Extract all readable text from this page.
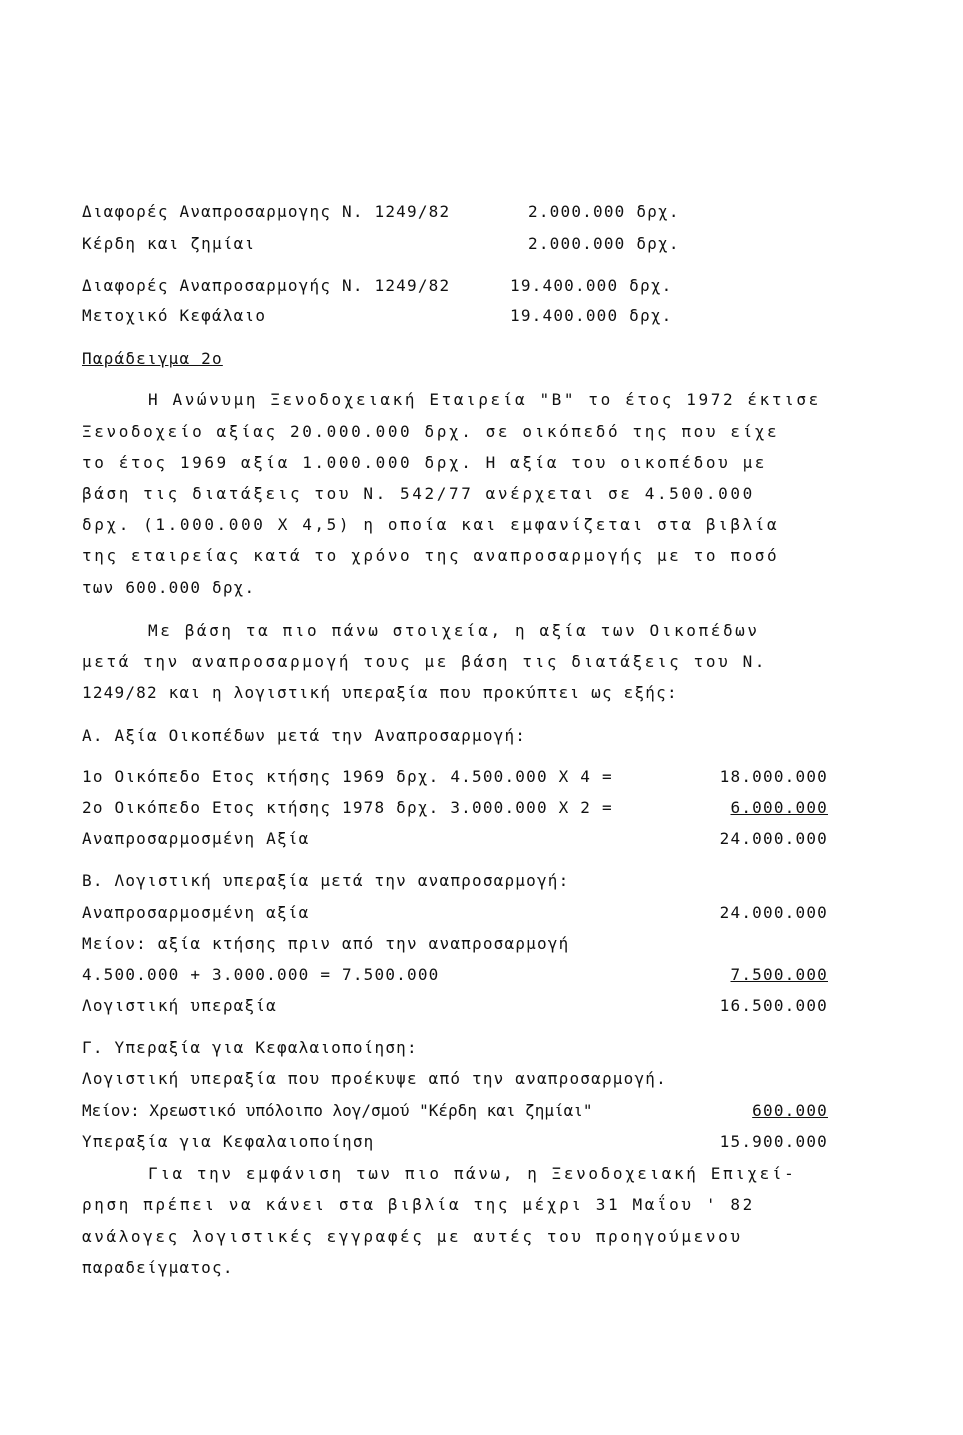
Διαφορές Αναπροσαρμογης Ν. 1249/82	2.000.000 δρχ.
Κέρδη και ζημίαι	2.000.000 δρχ.
Διαφορές Αναπροσαρμογής Ν. 1249/82	19.400.000 δρχ.
Μετοχικό Κεφάλαιο	19.400.000 δρχ.
Παράδειγμα 2ο
Η Ανώνυμη Ξενοδοχειακή Εταιρεία "Β" το έτος 1972 έκτισε
Ξενοδοχείο αξίας 20.000.000 δρχ. σε οικόπεδό της που είχε
το έτος 1969 αξία 1.000.000 δρχ. Η αξία του οικοπέδου με
βάση τις διατάξεις του Ν. 542/77 ανέρχεται σε 4.500.000
δρχ. (1.000.000 Χ 4,5) η οποία και εμφανίζεται στα βιβλία
της εταιρείας κατά το χρόνο της αναπροσαρμογής με το ποσό
των 600.000 δρχ.
Με βάση τα πιο πάνω στοιχεία, η αξία των Οικοπέδων
μετά την αναπροσαρμογή τους με βάση τις διατάξεις του Ν.
1249/82 και η λογιστική υπεραξία που προκύπτει ως εξής:
Α. Αξία Οικοπέδων μετά την Αναπροσαρμογή:
1ο Οικόπεδο Ετος κτήσης 1969 δρχ. 4.500.000 Χ 4 =	18.000.000
2ο Οικόπεδο Ετος κτήσης 1978 δρχ. 3.000.000 Χ 2 =	6.000.000
Αναπροσαρμοσμένη Αξία	24.000.000
Β. Λογιστική υπεραξία μετά την αναπροσαρμογή:
Αναπροσαρμοσμένη αξία	24.000.000
Μείον: αξία κτήσης πριν από την αναπροσαρμογή
4.500.000 + 3.000.000 = 7.500.000	7.500.000
Λογιστική υπεραξία	16.500.000
Γ. Υπεραξία για Κεφαλαιοποίηση:
Λογιστική υπεραξία που προέκυψε από την αναπροσαρμογή.
Μείον: Χρεωστικό υπόλοιπο λογ/σμού "Κέρδη και ζημίαι"	600.000
Υπεραξία για Κεφαλαιοποίηση	15.900.000
Για την εμφάνιση των πιο πάνω, η Ξενοδοχειακή Επιχεί-
ρηση πρέπει να κάνει στα βιβλία της μέχρι 31 Μαΐου ' 82
ανάλογες λογιστικές εγγραφές με αυτές του προηγούμενου
παραδείγματος.
